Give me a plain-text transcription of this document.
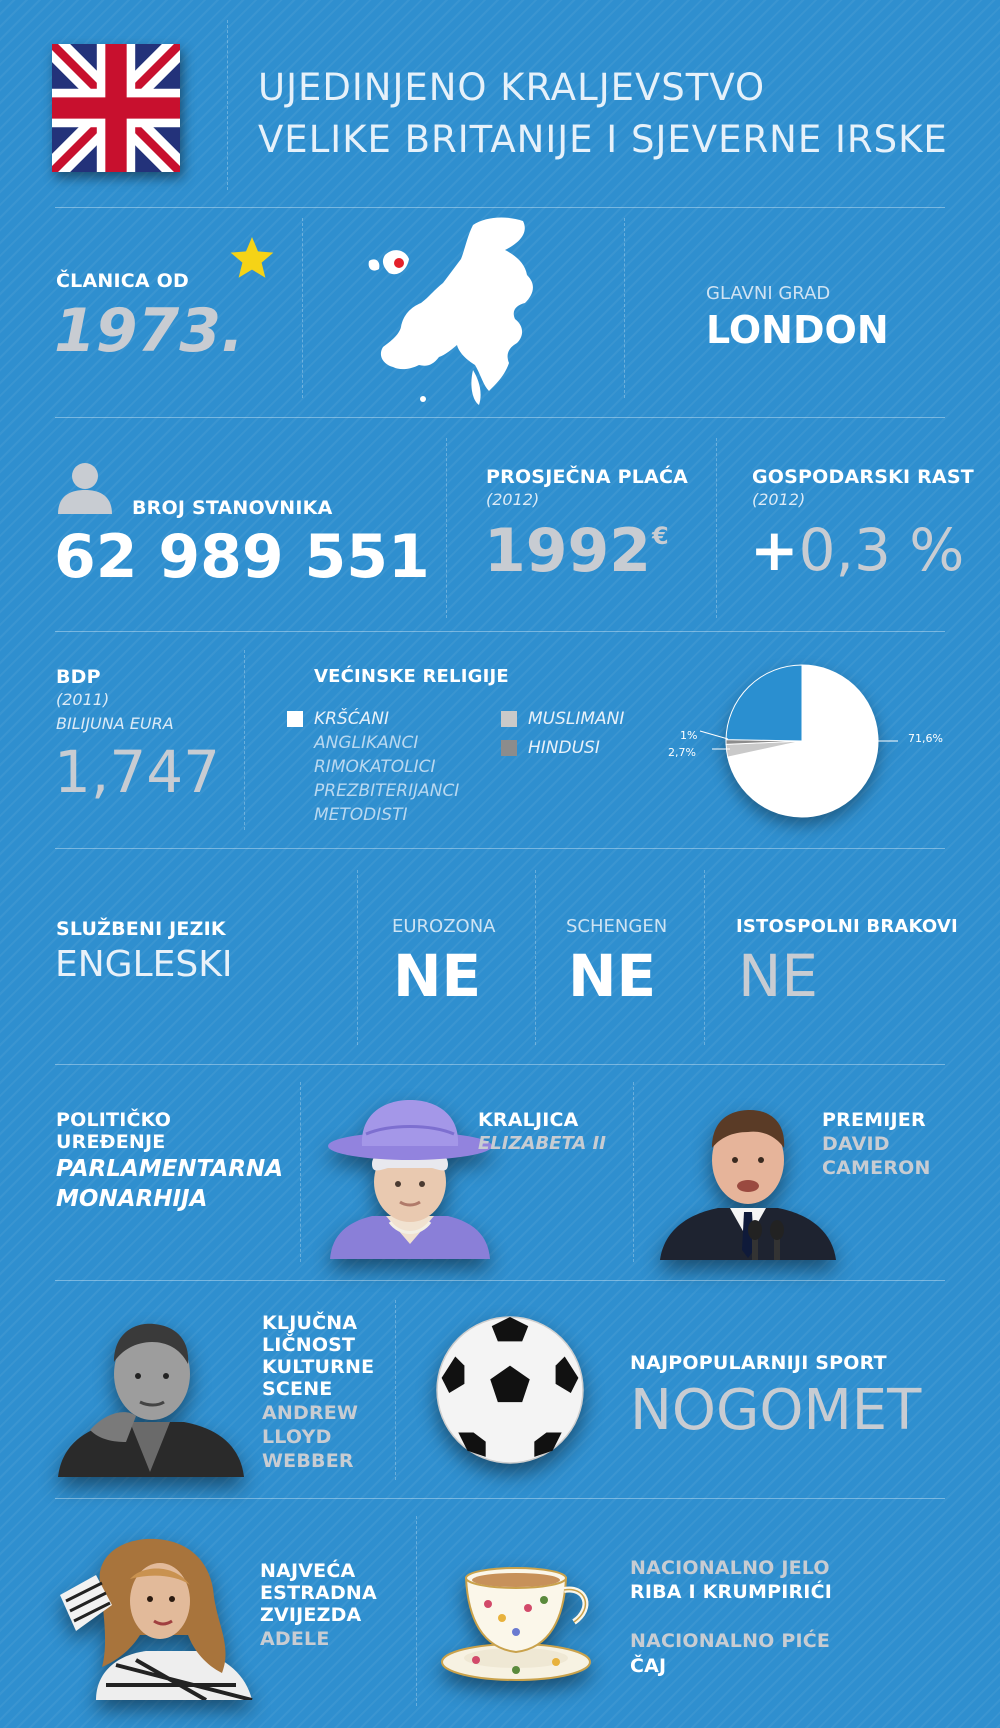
UJEDINJENO KRALJEVSTVO
VELIKE BRITANIJE I SJEVERNE IRSKE
ČLANICA OD
1973.
GLAVNI GRAD
LONDON
BROJ STANOVNIKA
62 989 551
PROSJEČNA PLAĆA
(2012)
1992 €
GOSPODARSKI RAST
(2012)
+0,3 %
BDP
(2011)
BILIJUNA EURA
1,747
VEĆINSKE RELIGIJE
KRŠĆANI
ANGLIKANCI
RIMOKATOLICI
PREZBITERIJANCI
METODISTI
MUSLIMANI
HINDUSI	71,6%
2,7%
1%
SLUŽBENI JEZIK
ENGLESKI
EUROZONA
NE
SCHENGEN
NE
ISTOSPOLNI BRAKOVI
NE
POLITIČKO
UREĐENJE
PARLAMENTARNA
MONARHIJA
KRALJICA
ELIZABETA II
PREMIJER
DAVID
CAMERON
KLJUČNA
LIČNOST
KULTURNE
SCENE
ANDREW
LLOYD
WEBBER
NAJPOPULARNIJI SPORT
NOGOMET
NAJVEĆA
ESTRADNA
ZVIJEZDA
ADELE
NACIONALNO JELO
RIBA I KRUMPIRIĆI
NACIONALNO PIĆE
ČAJ
